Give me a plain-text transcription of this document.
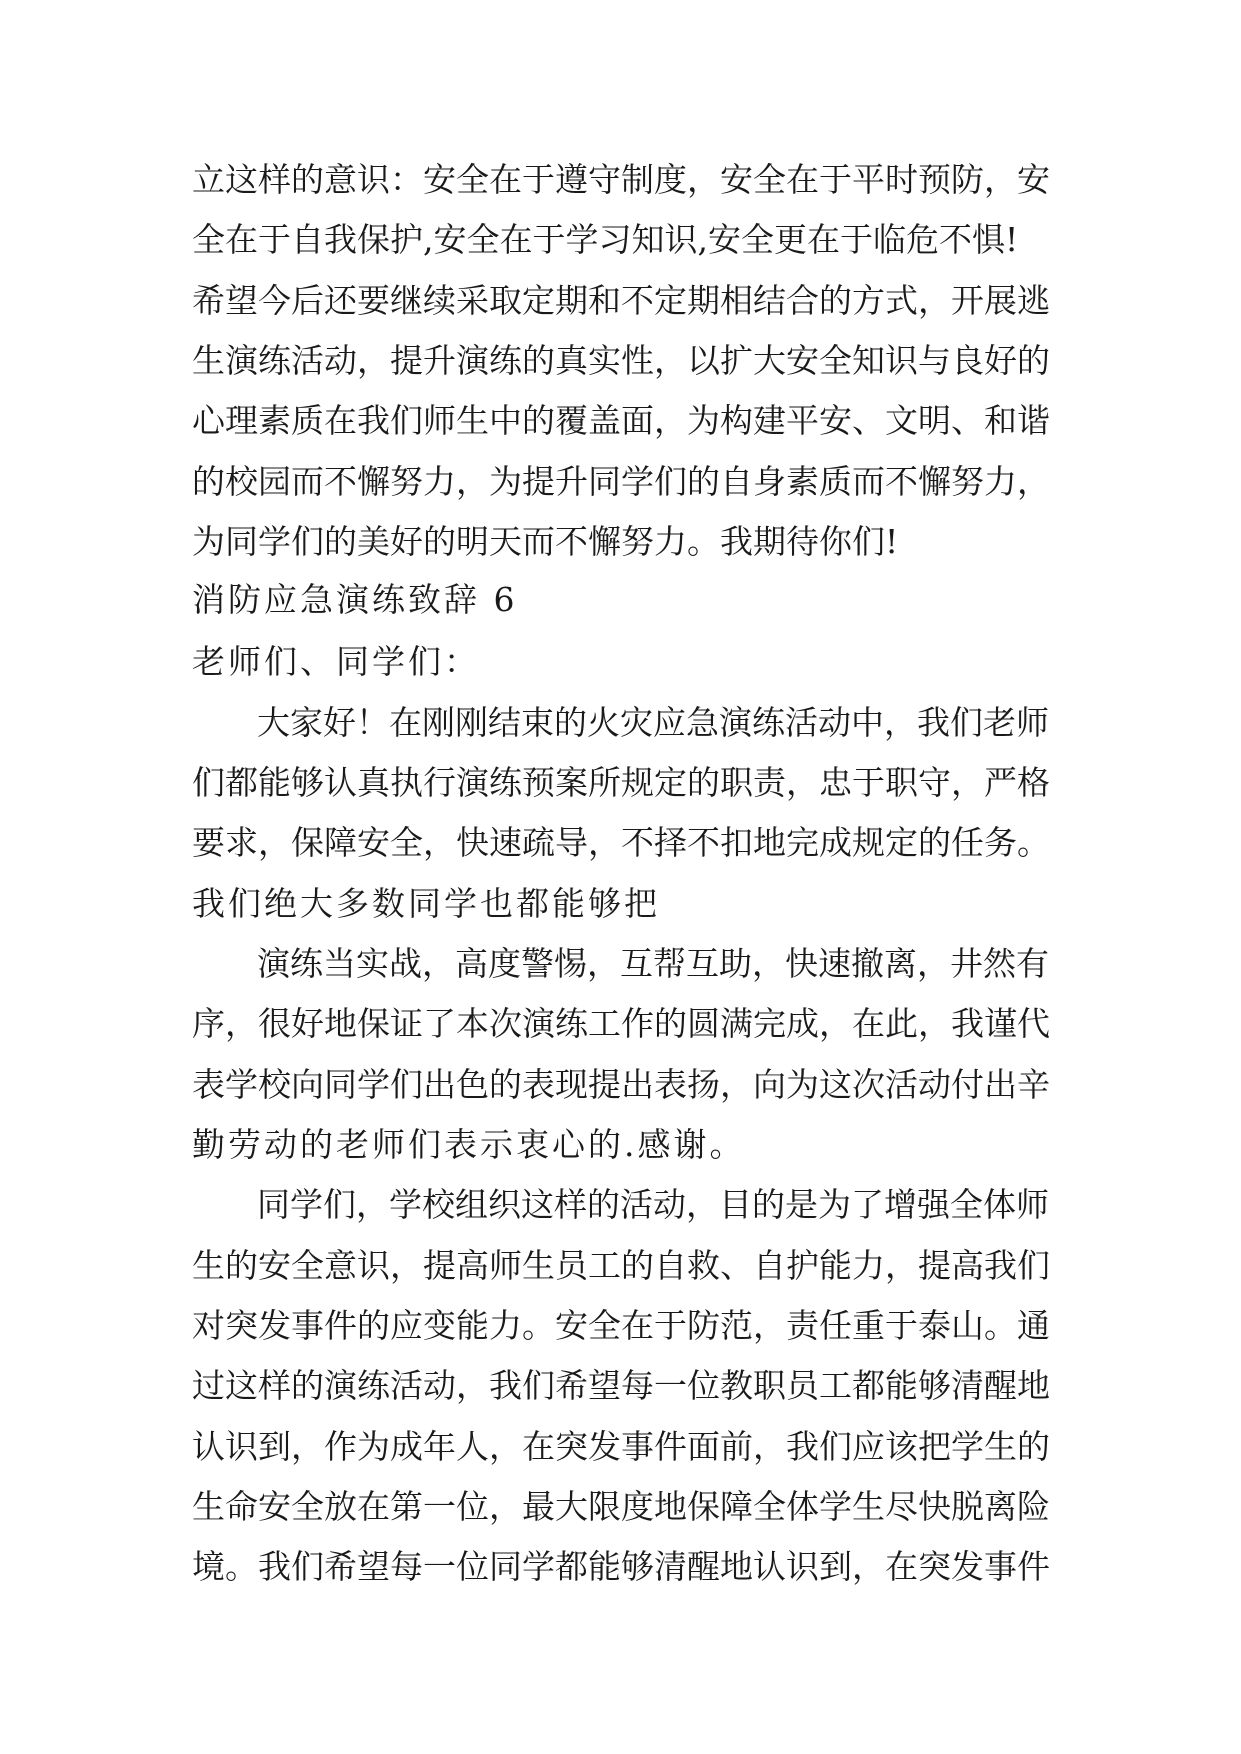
立这样的意识：安全在于遵守制度，安全在于平时预防，安
全在于自我保护,安全在于学习知识,安全更在于临危不惧!
希望今后还要继续采取定期和不定期相结合的方式，开展逃
生演练活动，提升演练的真实性，以扩大安全知识与良好的
心理素质在我们师生中的覆盖面，为构建平安、文明、和谐
的校园而不懈努力，为提升同学们的自身素质而不懈努力，
为同学们的美好的明天而不懈努力。我期待你们!
消防应急演练致辞 6
老师们、同学们：
大家好！在刚刚结束的火灾应急演练活动中，我们老师
们都能够认真执行演练预案所规定的职责，忠于职守，严格
要求，保障安全，快速疏导，不择不扣地完成规定的任务。
我们绝大多数同学也都能够把
演练当实战，高度警惕，互帮互助，快速撤离，井然有
序，很好地保证了本次演练工作的圆满完成，在此，我谨代
表学校向同学们出色的表现提出表扬，向为这次活动付出辛
勤劳动的老师们表示衷心的.感谢。
同学们，学校组织这样的活动，目的是为了增强全体师
生的安全意识，提高师生员工的自救、自护能力，提高我们
对突发事件的应变能力。安全在于防范，责任重于泰山。通
过这样的演练活动，我们希望每一位教职员工都能够清醒地
认识到，作为成年人，在突发事件面前，我们应该把学生的
生命安全放在第一位，最大限度地保障全体学生尽快脱离险
境。我们希望每一位同学都能够清醒地认识到，在突发事件
